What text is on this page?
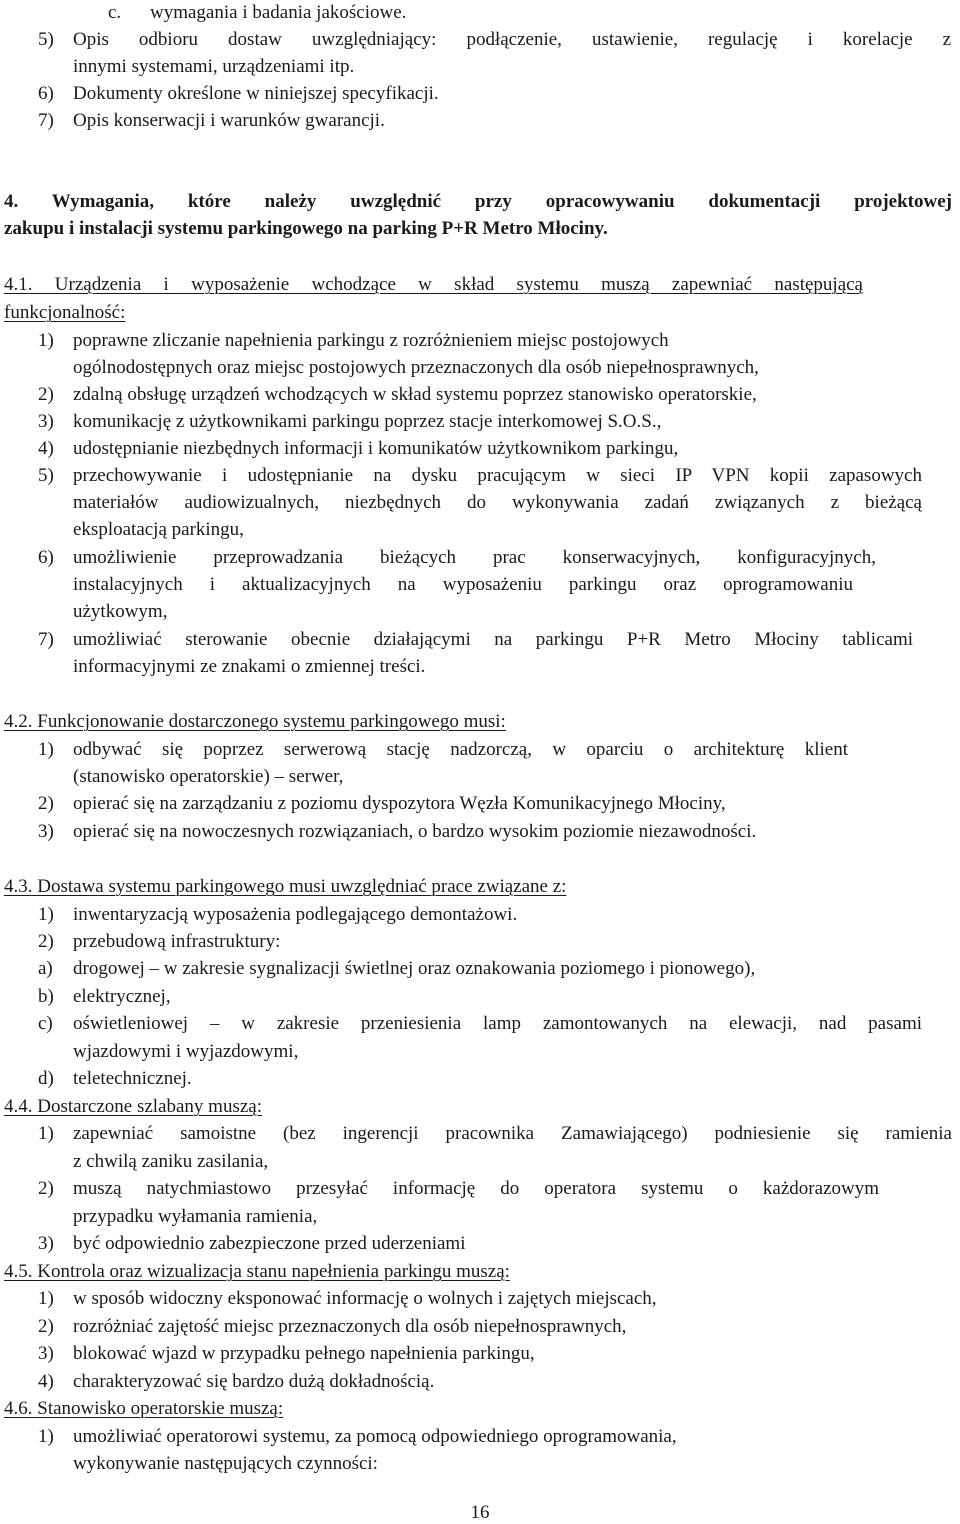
c. wymagania i badania jakościowe.
5)	Opis odbioru dostaw uwzględniający: podłączenie, ustawienie, regulację i korelacje z
innymi systemami, urządzeniami itp.
6)	Dokumenty określone w niniejszej specyfikacji.
7)	Opis konserwacji i warunków gwarancji.
4. Wymagania, które należy uwzględnić przy opracowywaniu dokumentacji projektowej
zakupu i instalacji systemu parkingowego na parking P+R Metro Młociny.
4.1. Urządzenia i wyposażenie wchodzące w skład systemu muszą zapewniać następującą
funkcjonalność:
1)	poprawne zliczanie napełnienia parkingu z rozróżnieniem miejsc postojowych
ogólnodostępnych oraz miejsc postojowych przeznaczonych dla osób niepełnosprawnych,
2)	zdalną obsługę urządzeń wchodzących w skład systemu poprzez stanowisko operatorskie,
3)	komunikację z użytkownikami parkingu poprzez stacje interkomowej S.O.S.,
4)	udostępnianie niezbędnych informacji i komunikatów użytkownikom parkingu,
5)	przechowywanie i udostępnianie na dysku pracującym w sieci IP VPN kopii zapasowych
materiałów audiowizualnych, niezbędnych do wykonywania zadań związanych z bieżącą
eksploatacją parkingu,
6)	umożliwienie przeprowadzania bieżących prac konserwacyjnych, konfiguracyjnych,
instalacyjnych i aktualizacyjnych na wyposażeniu parkingu oraz oprogramowaniu
użytkowym,
7)	umożliwiać sterowanie obecnie działającymi na parkingu P+R Metro Młociny tablicami
informacyjnymi ze znakami o zmiennej treści.
4.2. Funkcjonowanie dostarczonego systemu parkingowego musi:
1)	odbywać się poprzez serwerową stację nadzorczą, w oparciu o architekturę klient
(stanowisko operatorskie) – serwer,
2)	opierać się na zarządzaniu z poziomu dyspozytora Węzła Komunikacyjnego Młociny,
3)	opierać się na nowoczesnych rozwiązaniach, o bardzo wysokim poziomie niezawodności.
4.3. Dostawa systemu parkingowego musi uwzględniać prace związane z:
1)	inwentaryzacją wyposażenia podlegającego demontażowi.
2)	przebudową infrastruktury:
a)	drogowej – w zakresie sygnalizacji świetlnej oraz oznakowania poziomego i pionowego),
b)	elektrycznej,
c)	oświetleniowej – w zakresie przeniesienia lamp zamontowanych na elewacji, nad pasami
wjazdowymi i wyjazdowymi,
d)	teletechnicznej.
4.4. Dostarczone szlabany muszą:
1)	zapewniać samoistne (bez ingerencji pracownika Zamawiającego) podniesienie się ramienia
z chwilą zaniku zasilania,
2)	muszą natychmiastowo przesyłać informację do operatora systemu o każdorazowym
przypadku wyłamania ramienia,
3)	być odpowiednio zabezpieczone przed uderzeniami
4.5. Kontrola oraz wizualizacja stanu napełnienia parkingu muszą:
1)	w sposób widoczny eksponować informację o wolnych i zajętych miejscach,
2)	rozróżniać zajętość miejsc przeznaczonych dla osób niepełnosprawnych,
3)	blokować wjazd w przypadku pełnego napełnienia parkingu,
4)	charakteryzować się bardzo dużą dokładnością.
4.6. Stanowisko operatorskie muszą:
1)	umożliwiać operatorowi systemu, za pomocą odpowiedniego oprogramowania,
wykonywanie następujących czynności:
16
